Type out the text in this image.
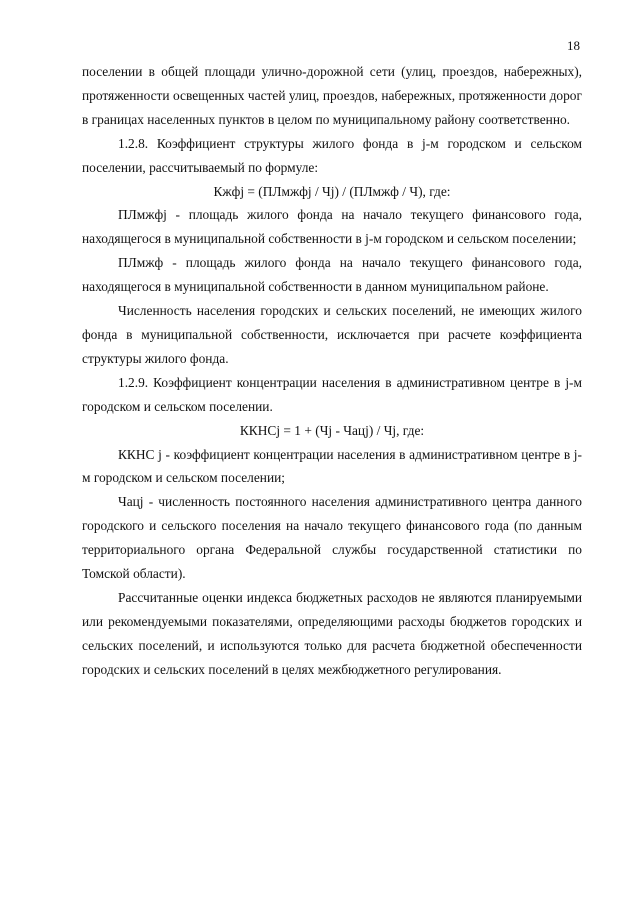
18

поселении в общей площади улично-дорожной сети (улиц, проездов, набережных), протяженности освещенных частей улиц, проездов, набережных, протяженности дорог в границах населенных пунктов в целом по муниципальному району соответственно.

1.2.8. Коэффициент структуры жилого фонда в j-м городском и сельском поселении, рассчитываемый по формуле:

Кжфj = (ПЛмжфj / Чj) / (ПЛмжф / Ч), где:

ПЛмжфj - площадь жилого фонда на начало текущего финансового года, находящегося в муниципальной собственности в j-м городском и сельском поселении;

ПЛмжф - площадь жилого фонда на начало текущего финансового года, находящегося в муниципальной собственности в данном муниципальном районе.

Численность населения городских и сельских поселений, не имеющих жилого фонда в муниципальной собственности, исключается при расчете коэффициента структуры жилого фонда.

1.2.9. Коэффициент концентрации населения в административном центре в j-м городском и сельском поселении.

ККНСj = 1 + (Чj - Чацj) / Чj, где:

ККНС j - коэффициент концентрации населения в административном центре в j-м городском и сельском поселении;

Чацj - численность постоянного населения административного центра данного городского и сельского поселения на начало текущего финансового года (по данным территориального органа Федеральной службы государственной статистики по Томской области).

Рассчитанные оценки индекса бюджетных расходов не являются планируемыми или рекомендуемыми показателями, определяющими расходы бюджетов городских и сельских поселений, и используются только для расчета бюджетной обеспеченности городских и сельских поселений в целях межбюджетного регулирования.
